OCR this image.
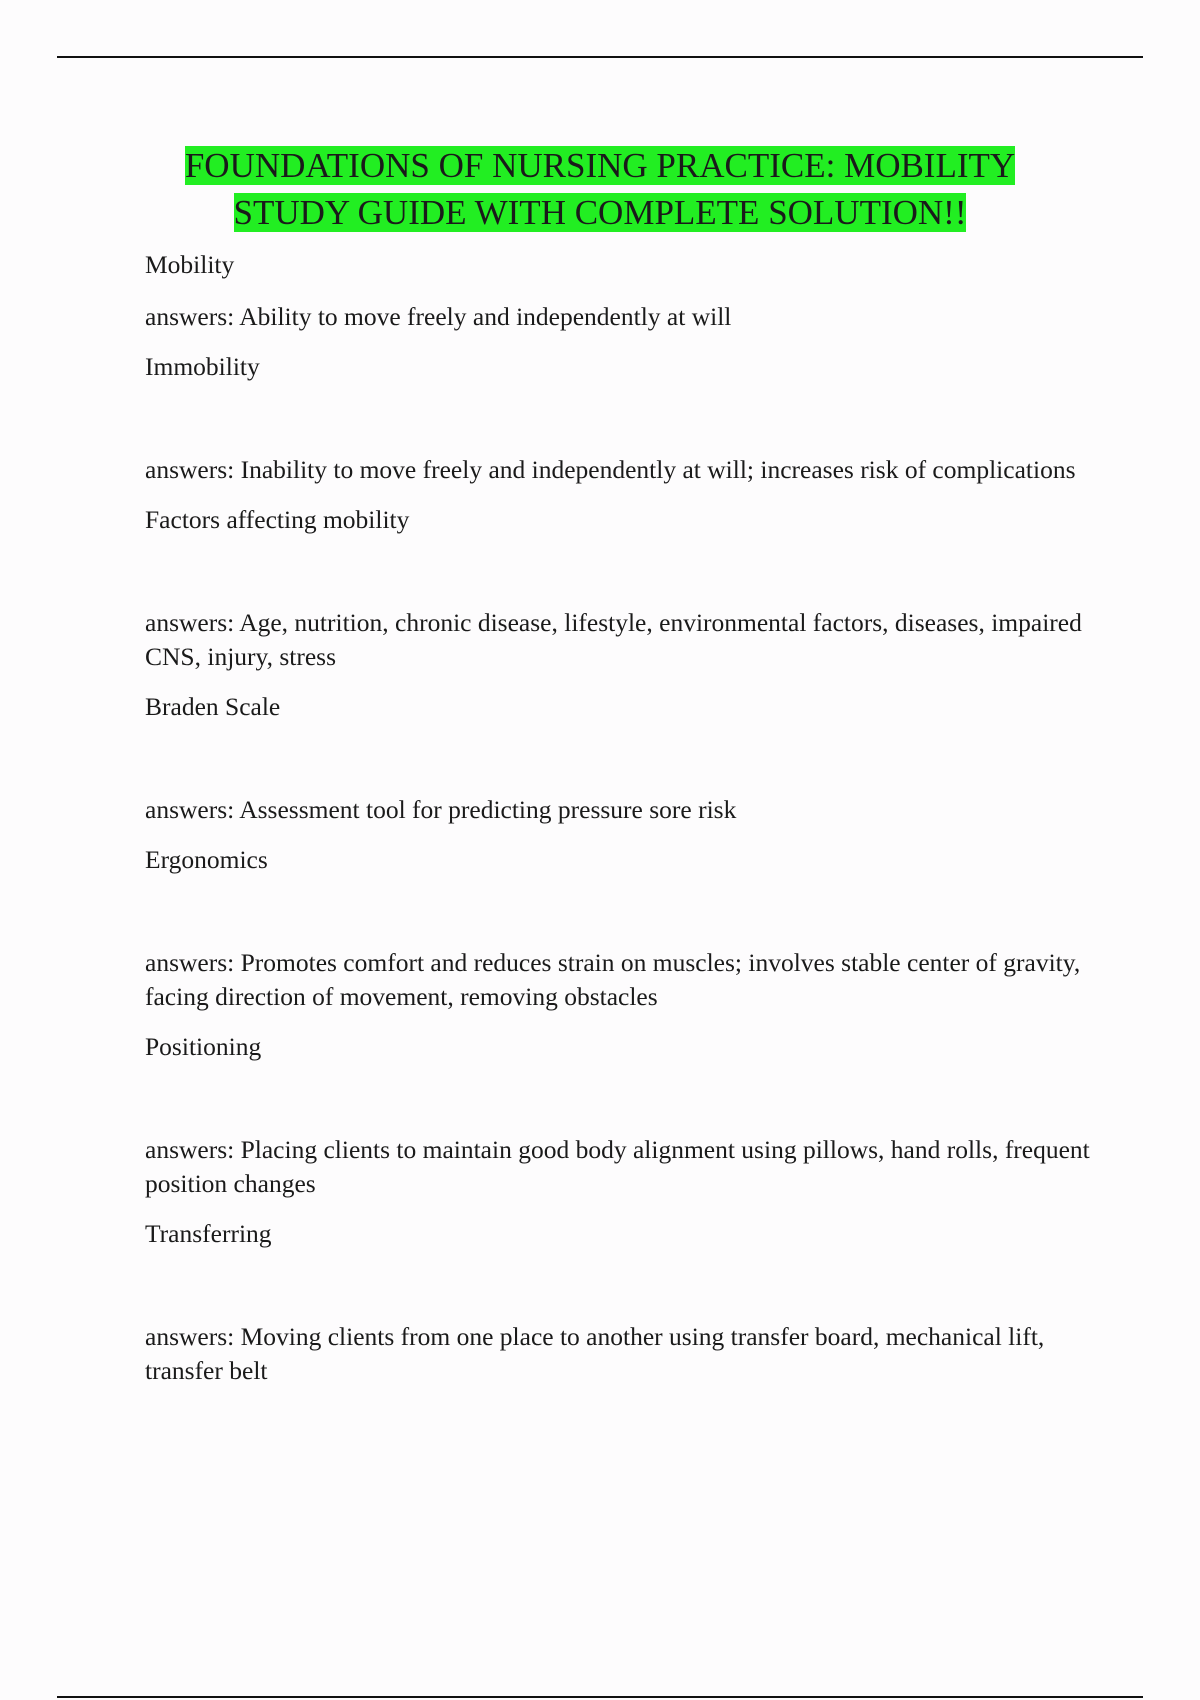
FOUNDATIONS OF NURSING PRACTICE: MOBILITY
STUDY GUIDE WITH COMPLETE SOLUTION!!

Mobility

answers: Ability to move freely and independently at will

Immobility

answers: Inability to move freely and independently at will; increases risk of complications

Factors affecting mobility

answers: Age, nutrition, chronic disease, lifestyle, environmental factors, diseases, impaired CNS, injury, stress

Braden Scale

answers: Assessment tool for predicting pressure sore risk

Ergonomics

answers: Promotes comfort and reduces strain on muscles; involves stable center of gravity, facing direction of movement, removing obstacles

Positioning

answers: Placing clients to maintain good body alignment using pillows, hand rolls, frequent position changes

Transferring

answers: Moving clients from one place to another using transfer board, mechanical lift, transfer belt
